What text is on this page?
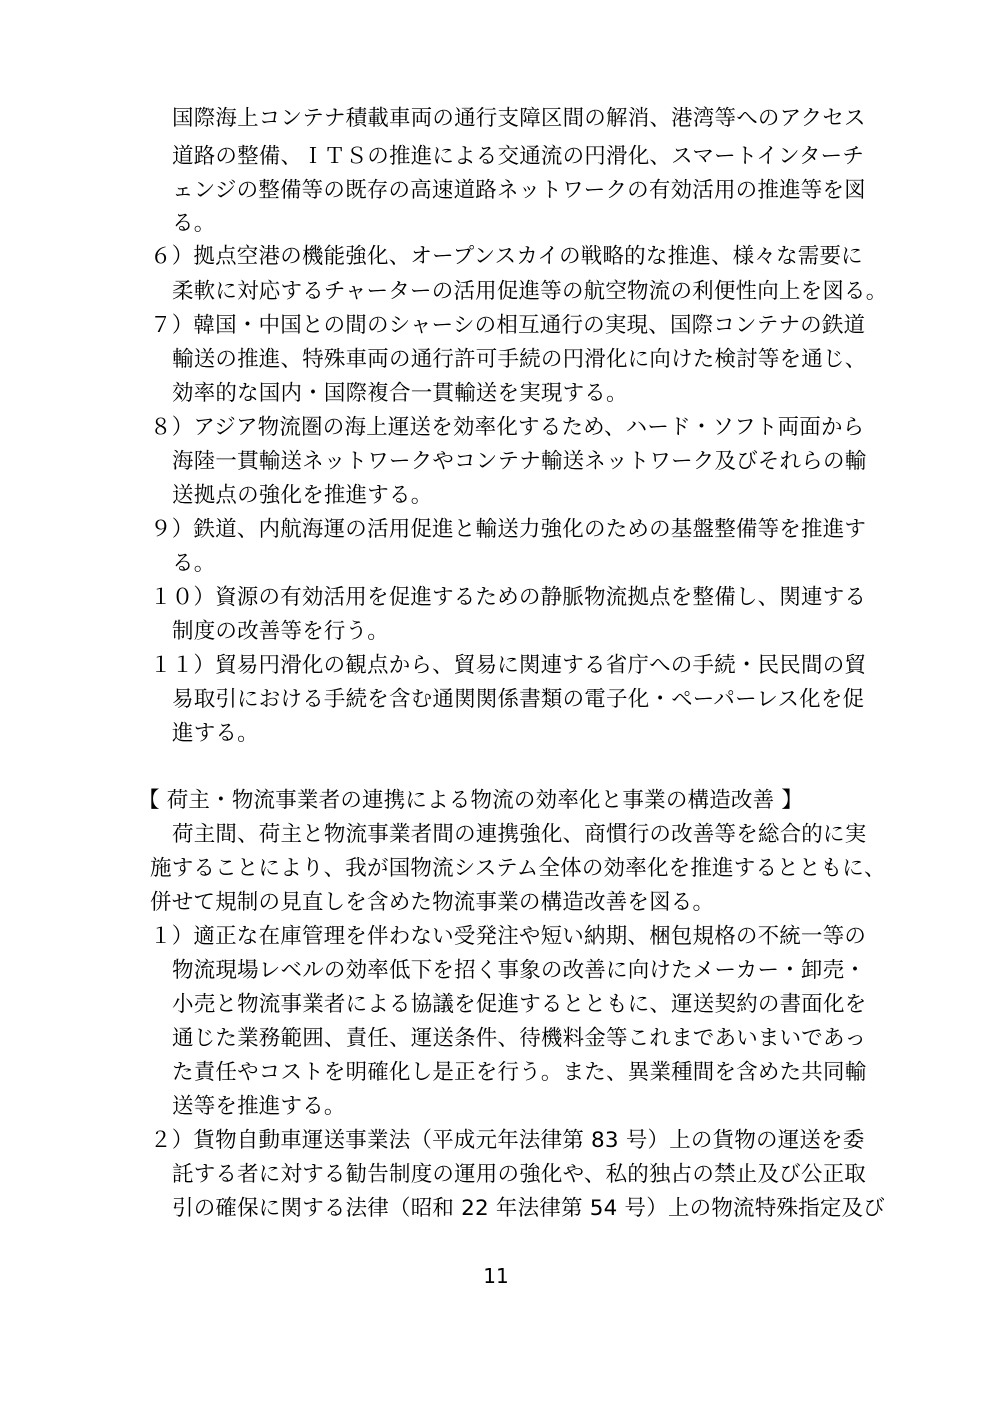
国際海上コンテナ積載車両の通行支障区間の解消、港湾等へのアクセス
道路の整備、ＩＴＳの推進による交通流の円滑化、スマートインターチ
ェンジの整備等の既存の高速道路ネットワークの有効活用の推進等を図
る。
６）拠点空港の機能強化、オープンスカイの戦略的な推進、様々な需要に
柔軟に対応するチャーターの活用促進等の航空物流の利便性向上を図る。
７）韓国・中国との間のシャーシの相互通行の実現、国際コンテナの鉄道
輸送の推進、特殊車両の通行許可手続の円滑化に向けた検討等を通じ、
効率的な国内・国際複合一貫輸送を実現する。
８）アジア物流圏の海上運送を効率化するため、ハード・ソフト両面から
海陸一貫輸送ネットワークやコンテナ輸送ネットワーク及びそれらの輸
送拠点の強化を推進する。
９）鉄道、内航海運の活用促進と輸送力強化のための基盤整備等を推進す
る。
１０）資源の有効活用を促進するための静脈物流拠点を整備し、関連する
制度の改善等を行う。
１１）貿易円滑化の観点から、貿易に関連する省庁への手続・民民間の貿
易取引における手続を含む通関関係書類の電子化・ペーパーレス化を促
進する。
【 荷主・物流事業者の連携による物流の効率化と事業の構造改善 】
荷主間、荷主と物流事業者間の連携強化、商慣行の改善等を総合的に実
施することにより、我が国物流システム全体の効率化を推進するとともに、
併せて規制の見直しを含めた物流事業の構造改善を図る。
１）適正な在庫管理を伴わない受発注や短い納期、梱包規格の不統一等の
物流現場レベルの効率低下を招く事象の改善に向けたメーカー・卸売・
小売と物流事業者による協議を促進するとともに、運送契約の書面化を
通じた業務範囲、責任、運送条件、待機料金等これまであいまいであっ
た責任やコストを明確化し是正を行う。また、異業種間を含めた共同輸
送等を推進する。
２）貨物自動車運送事業法（平成元年法律第 83 号）上の貨物の運送を委
託する者に対する勧告制度の運用の強化や、私的独占の禁止及び公正取
引の確保に関する法律（昭和 22 年法律第 54 号）上の物流特殊指定及び
11
